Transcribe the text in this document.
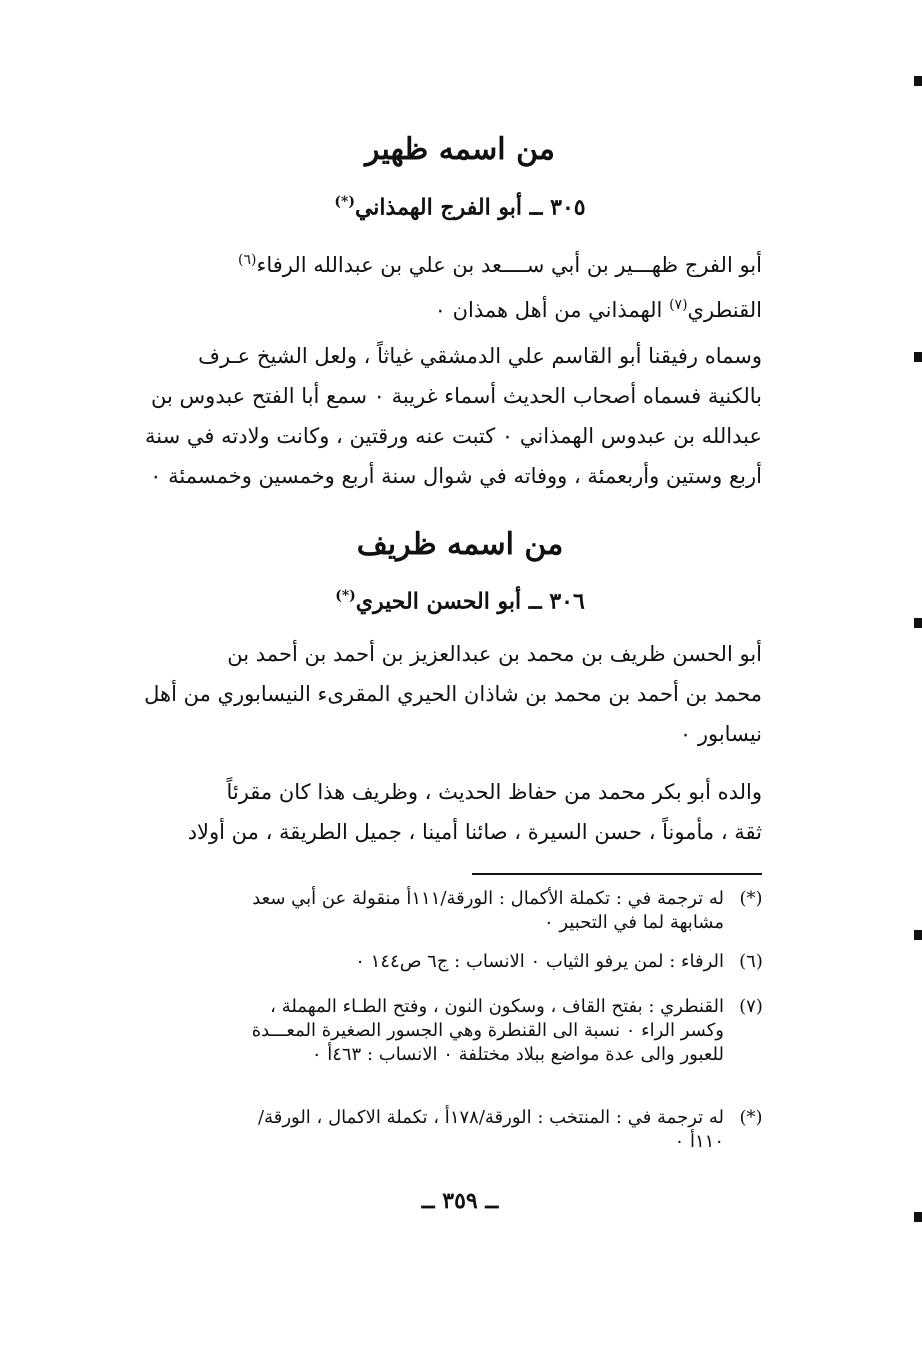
من اسمه ظهير
٣٠٥ ــ أبو الفرج الهمذاني(*)
أبو الفرج ظهـــير بن أبي ســــعد بن علي بن عبدالله الرفاء$^{(٦)}$
القنطري$^{(٧)}$ الهمذاني من أهل همذان ٠
وسماه رفيقنا أبو القاسم علي الدمشقي غياثاً ، ولعل الشيخ عـرف
بالكنية فسماه أصحاب الحديث أسماء غريبة ٠ سمع أبا الفتح عبدوس بن
عبدالله بن عبدوس الهمذاني ٠ كتبت عنه ورقتين ، وكانت ولادته في سنة
أربع وستين وأربعمئة ، ووفاته في شوال سنة أربع وخمسين وخمسمئة ٠
من اسمه ظريف
٣٠٦ ــ أبو الحسن الحيري(*)
أبو الحسن ظريف بن محمد بن عبدالعزيز بن أحمد بن أحمد بن
محمد بن أحمد بن محمد بن شاذان الحيري المقرىء النيسابوري من أهل
نيسابور ٠
والده أبو بكر محمد من حفاظ الحديث ، وظريف هذا كان مقرئاً
ثقة ، مأموناً ، حسن السيرة ، صائنا أمينا ، جميل الطريقة ، من أولاد
(*)
له ترجمة في : تكملة الأكمال : الورقة/١١١أ منقولة عن أبي سعد
مشابهة لما في التحبير ٠
(٦)
الرفاء : لمن يرفو الثياب ٠ الانساب : ج٦ ص١٤٤ ٠
(٧)
القنطري : بفتح القاف ، وسكون النون ، وفتح الطـاء المهملة ،
وكسر الراء ٠ نسبة الى القنطرة وهي الجسور الصغيرة المعـــدة
للعبور والى عدة مواضع ببلاد مختلفة ٠ الانساب : ٤٦٣أ ٠
(*)
له ترجمة في : المنتخب : الورقة/١٧٨أ ، تكملة الاكمال ، الورقة/
١١٠أ ٠
ــ ٣٥٩ ــ
